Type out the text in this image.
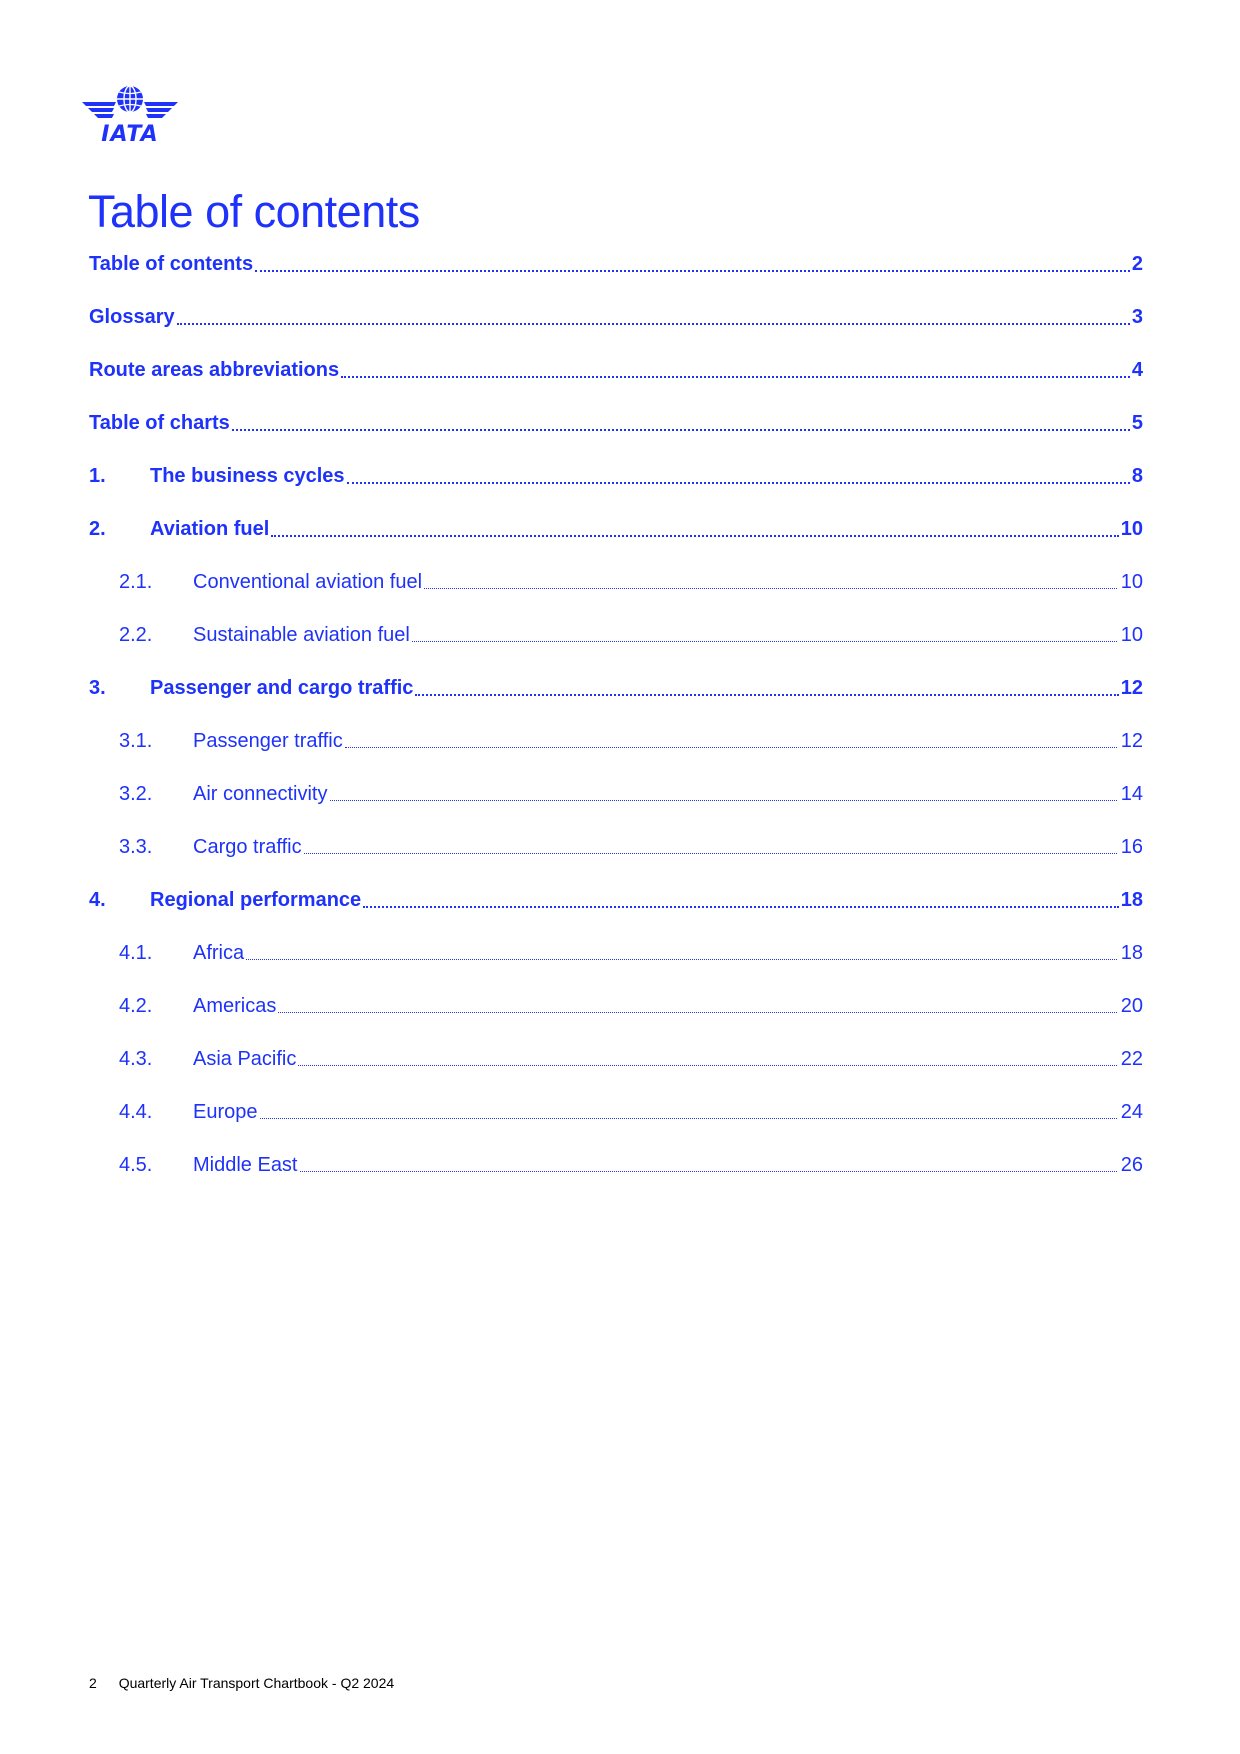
IATA
Table of contents
Table of contents	2
Glossary	3
Route areas abbreviations	4
Table of charts	5
1.	The business cycles	8
2.	Aviation fuel	10
2.1.	Conventional aviation fuel	10
2.2.	Sustainable aviation fuel	10
3.	Passenger and cargo traffic	12
3.1.	Passenger traffic	12
3.2.	Air connectivity	14
3.3.	Cargo traffic	16
4.	Regional performance	18
4.1.	Africa	18
4.2.	Americas	20
4.3.	Asia Pacific	22
4.4.	Europe	24
4.5.	Middle East	26
2 Quarterly Air Transport Chartbook - Q2 2024
